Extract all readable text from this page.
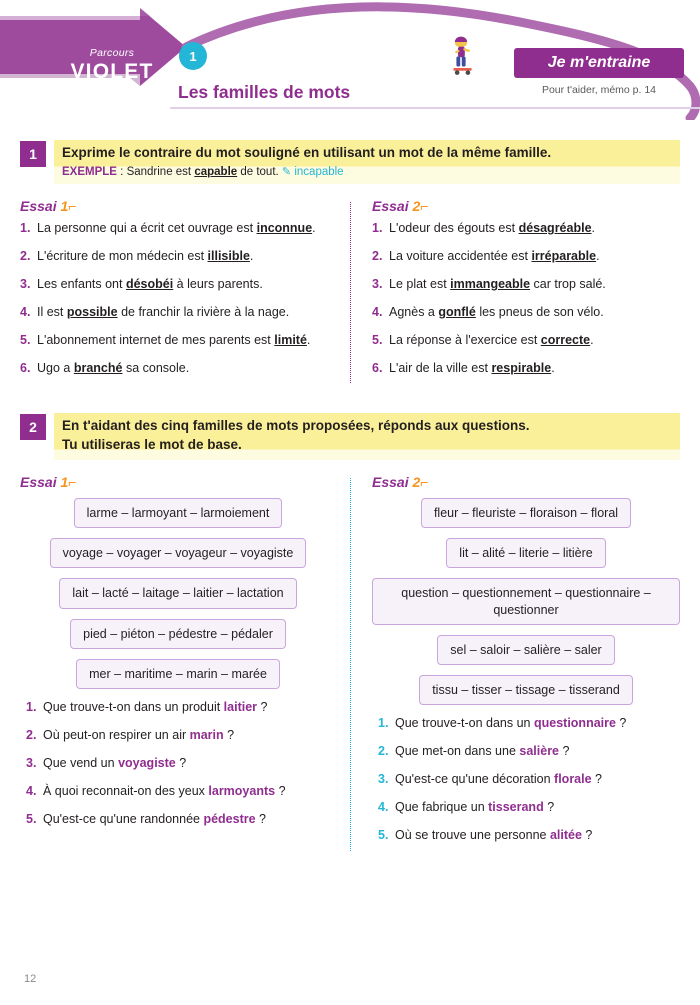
Parcours
VIOLET
1
Les familles de mots
Je m'entraine
Pour t'aider, mémo p. 14
1	Exprime le contraire du mot souligné en utilisant un mot de la même famille.
EXEMPLE : Sandrine est capable de tout. ✎ incapable
Essai 1⌐
1. La personne qui a écrit cet ouvrage est inconnue.
2. L'écriture de mon médecin est illisible.
3. Les enfants ont désobéi à leurs parents.
4. Il est possible de franchir la rivière à la nage.
5. L'abonnement internet de mes parents est limité.
6. Ugo a branché sa console.
Essai 2⌐
1. L'odeur des égouts est désagréable.
2. La voiture accidentée est irréparable.
3. Le plat est immangeable car trop salé.
4. Agnès a gonflé les pneus de son vélo.
5. La réponse à l'exercice est correcte.
6. L'air de la ville est respirable.
2	En t'aidant des cinq familles de mots proposées, réponds aux questions.
Tu utiliseras le mot de base.
Essai 1⌐
larme – larmoyant – larmoiement
voyage – voyager – voyageur – voyagiste
lait – lacté – laitage – laitier – lactation
pied – piéton – pédestre – pédaler
mer – maritime – marin – marée
1. Que trouve-t-on dans un produit laitier ?
2. Où peut-on respirer un air marin ?
3. Que vend un voyagiste ?
4. À quoi reconnait-on des yeux larmoyants ?
5. Qu'est-ce qu'une randonnée pédestre ?
Essai 2⌐
fleur – fleuriste – floraison – floral
lit – alité – literie – litière
question – questionnement – questionnaire – questionner
sel – saloir – salière – saler
tissu – tisser – tissage – tisserand
1. Que trouve-t-on dans un questionnaire ?
2. Que met-on dans une salière ?
3. Qu'est-ce qu'une décoration florale ?
4. Que fabrique un tisserand ?
5. Où se trouve une personne alitée ?
12
